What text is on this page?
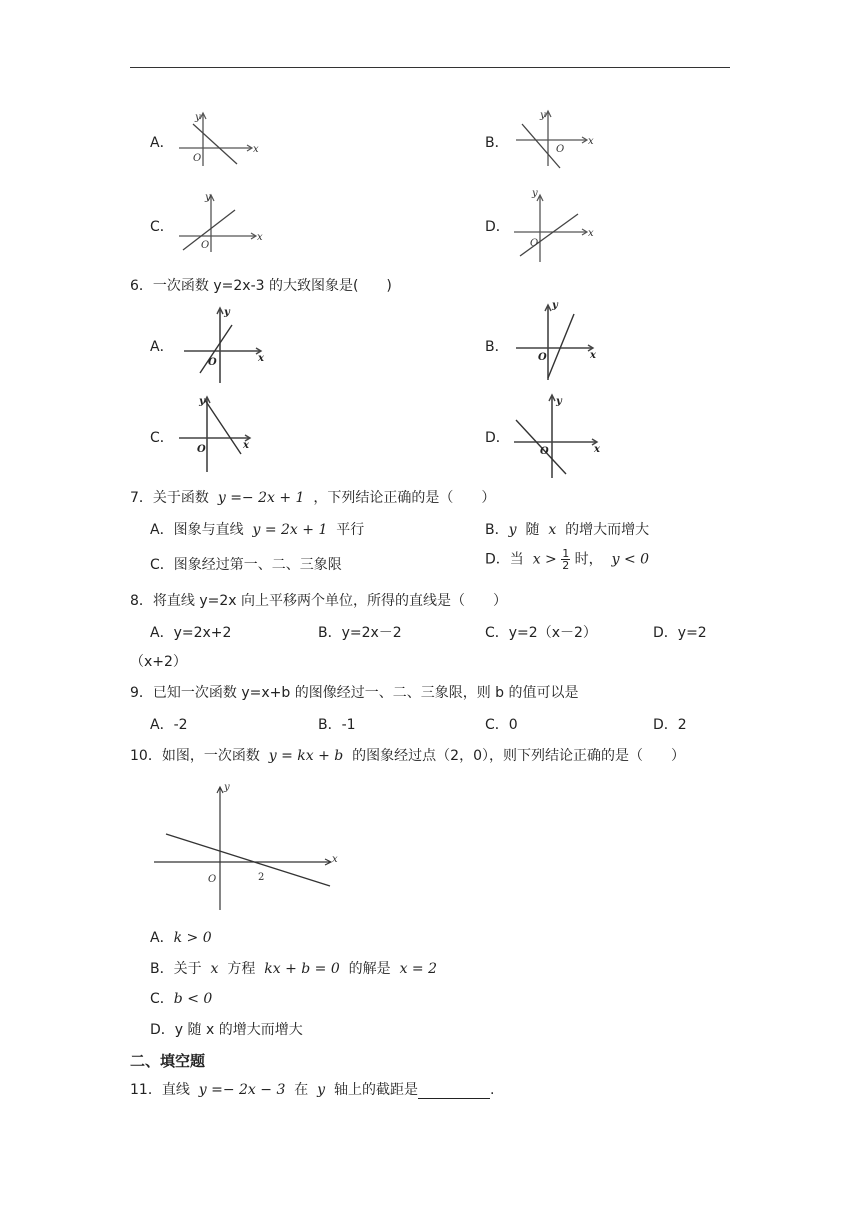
A．	x
y
O
B．	x
y
O
C．
x
y
O
D．	x
y
O
6．一次函数 y=2x-3 的大致图象是(　　)
A．
x
y
O
B．
x
y
O
C．	x
y
O
D．
x
y
O
7．关于函数 y =− 2x + 1 ，下列结论正确的是（　　）
A．图象与直线 y = 2x + 1 平行	B．y 随 x 的增大而增大
C．图象经过第一、二、三象限	D．当 $x > \frac{1}{2}$ 时， y < 0
8．将直线 y=2x 向上平移两个单位，所得的直线是（　　）
A．y=2x+2	B．y=2x－2	C．y=2（x－2）	D．y=2
（x+2）
9．已知一次函数 y=x+b 的图像经过一、二、三象限，则 b 的值可以是
A．-2	B．-1	C．0	D．2
10．如图，一次函数 y = kx + b 的图象经过点（2，0），则下列结论正确的是（　　）
x
y
O	2
A．k > 0
B．关于 x 方程 kx + b = 0 的解是 x = 2
C．b < 0
D．y 随 x 的增大而增大
二、填空题
11．直线 y =− 2x − 3 在 y 轴上的截距是	.
